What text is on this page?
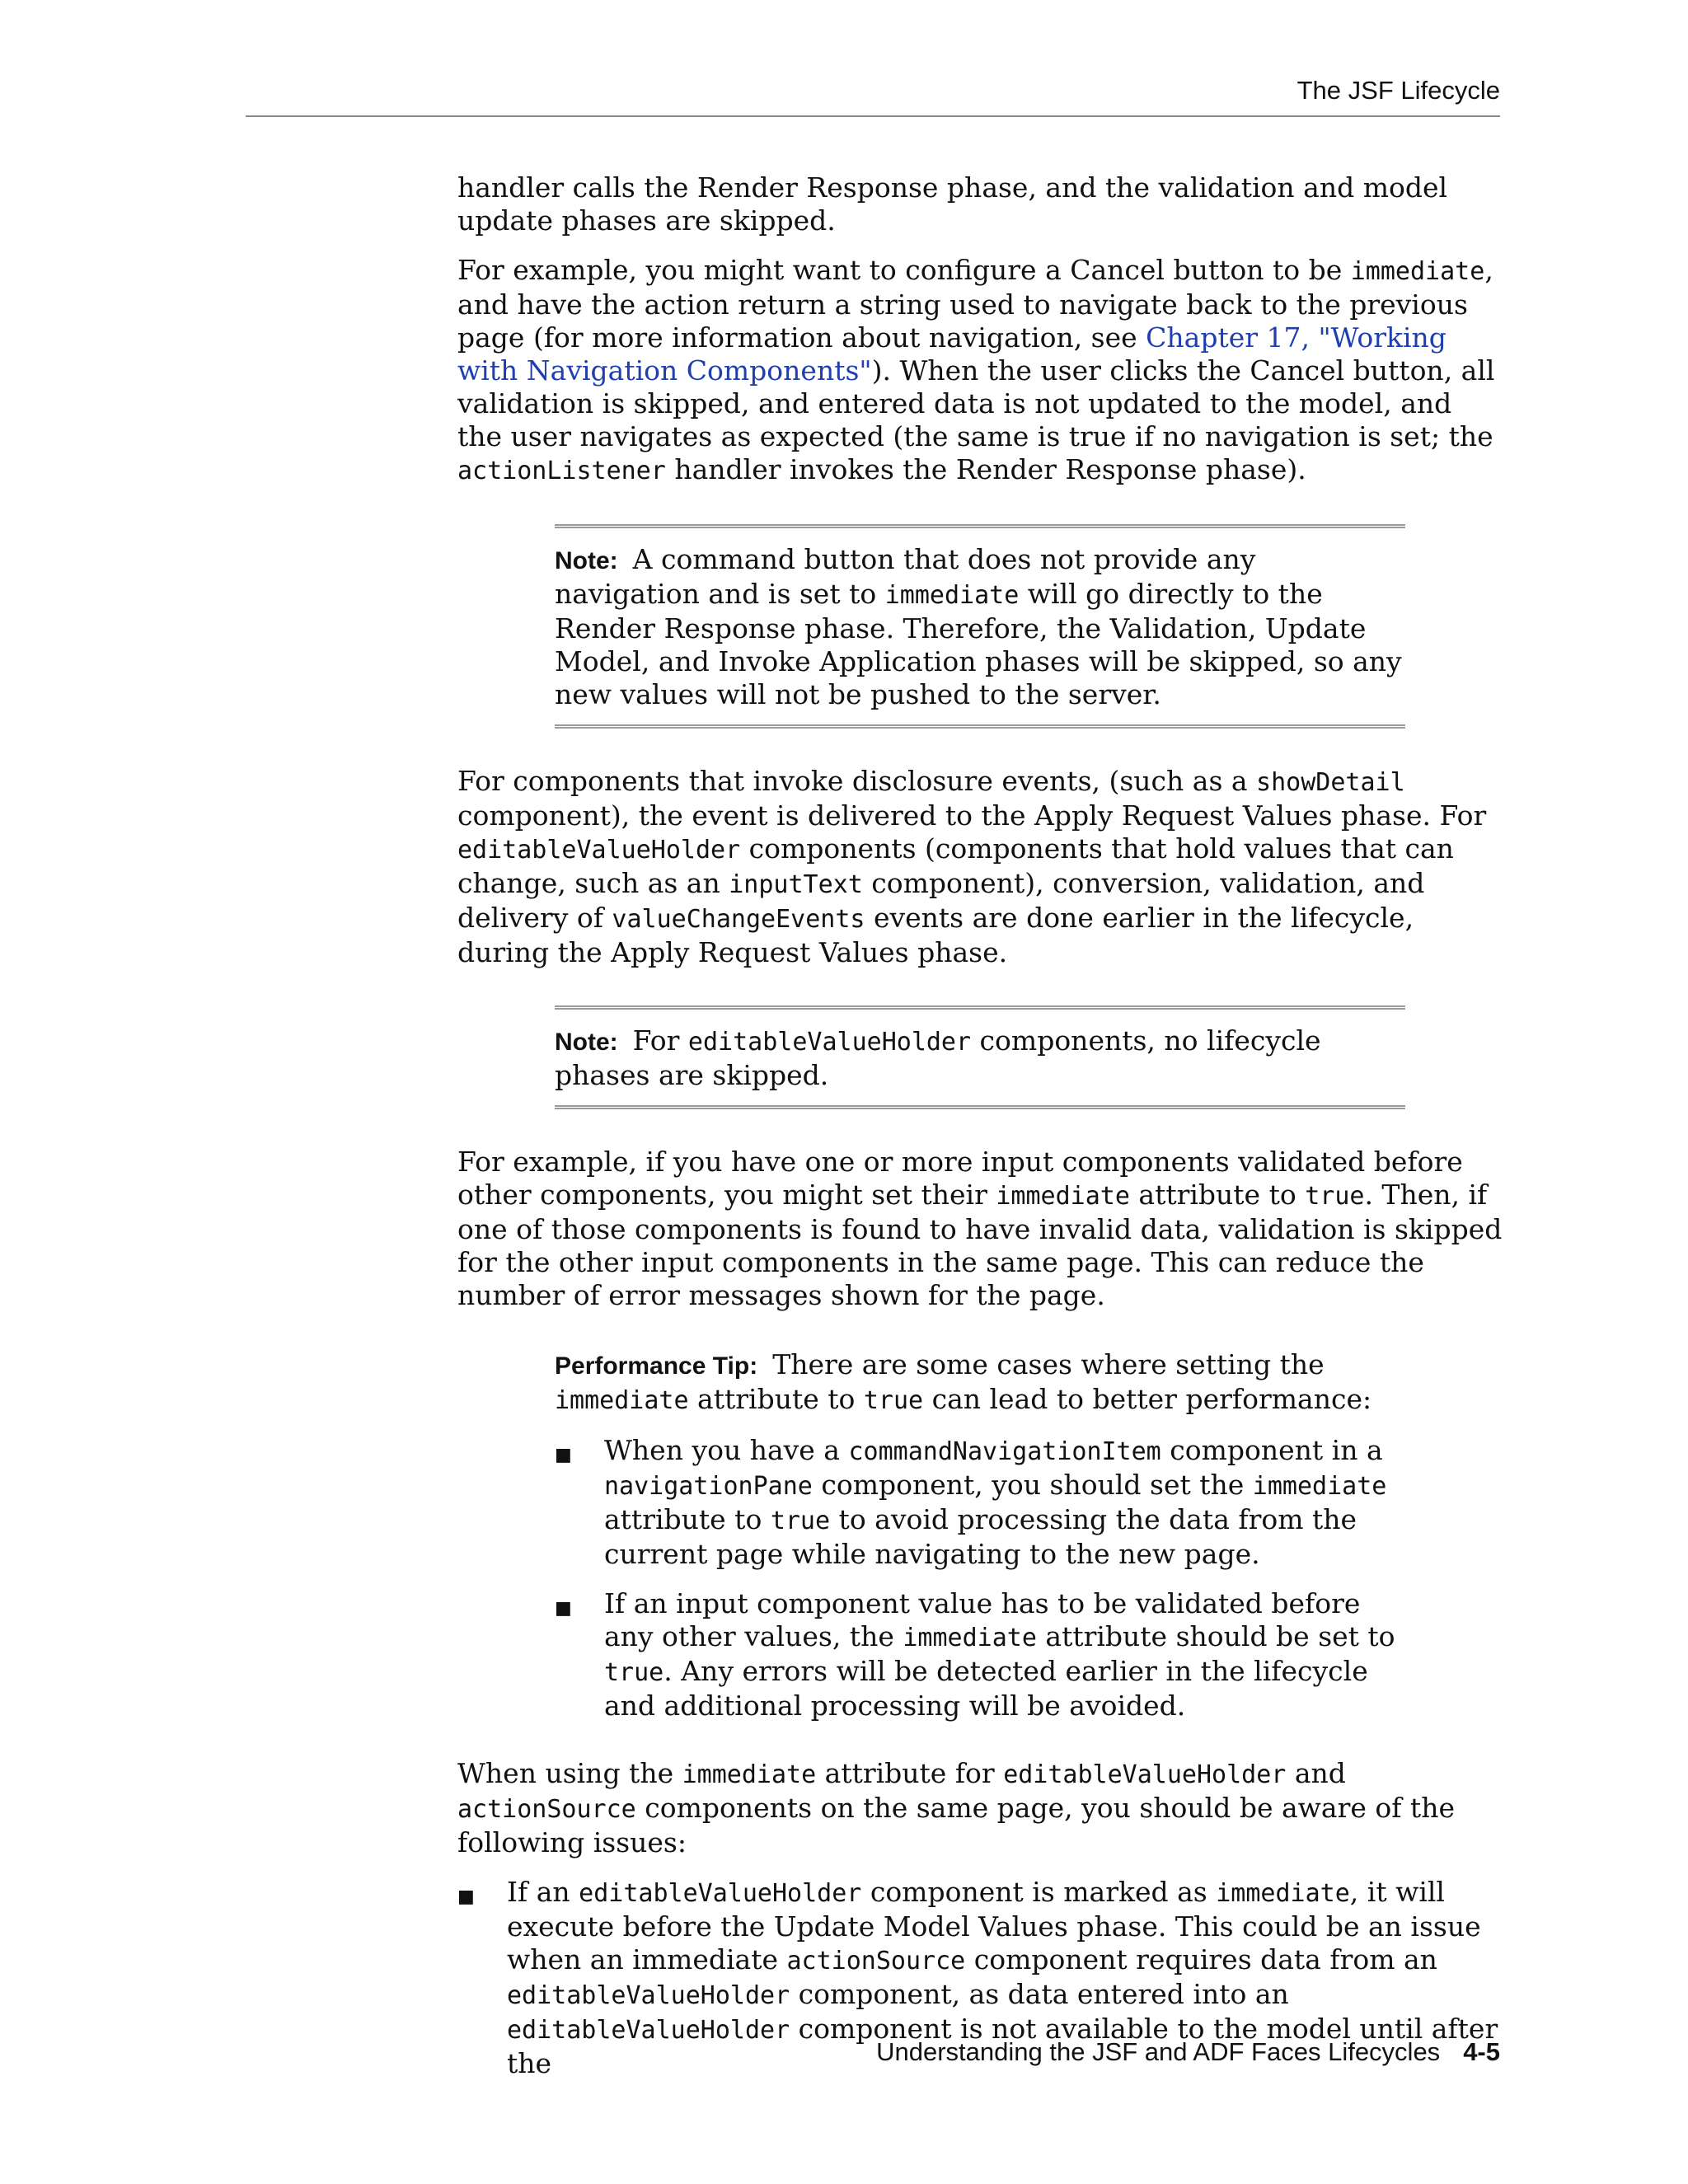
The JSF Lifecycle

handler calls the Render Response phase, and the validation and model update phases are skipped.

For example, you might want to configure a Cancel button to be immediate, and have the action return a string used to navigate back to the previous page (for more information about navigation, see Chapter 17, "Working with Navigation Components"). When the user clicks the Cancel button, all validation is skipped, and entered data is not updated to the model, and the user navigates as expected (the same is true if no navigation is set; the actionListener handler invokes the Render Response phase).

Note: A command button that does not provide any navigation and is set to immediate will go directly to the Render Response phase. Therefore, the Validation, Update Model, and Invoke Application phases will be skipped, so any new values will not be pushed to the server.

For components that invoke disclosure events, (such as a showDetail component), the event is delivered to the Apply Request Values phase. For editableValueHolder components (components that hold values that can change, such as an inputText component), conversion, validation, and delivery of valueChangeEvents events are done earlier in the lifecycle, during the Apply Request Values phase.

Note: For editableValueHolder components, no lifecycle phases are skipped.

For example, if you have one or more input components validated before other components, you might set their immediate attribute to true. Then, if one of those components is found to have invalid data, validation is skipped for the other input components in the same page. This can reduce the number of error messages shown for the page.

Performance Tip: There are some cases where setting the immediate attribute to true can lead to better performance:

■ When you have a commandNavigationItem component in a navigationPane component, you should set the immediate attribute to true to avoid processing the data from the current page while navigating to the new page.
■ If an input component value has to be validated before any other values, the immediate attribute should be set to true. Any errors will be detected earlier in the lifecycle and additional processing will be avoided.

When using the immediate attribute for editableValueHolder and actionSource components on the same page, you should be aware of the following issues:

■ If an editableValueHolder component is marked as immediate, it will execute before the Update Model Values phase. This could be an issue when an immediate actionSource component requires data from an editableValueHolder component, as data entered into an editableValueHolder component is not available to the model until after the	Understanding the JSF and ADF Faces Lifecycles 4-5
